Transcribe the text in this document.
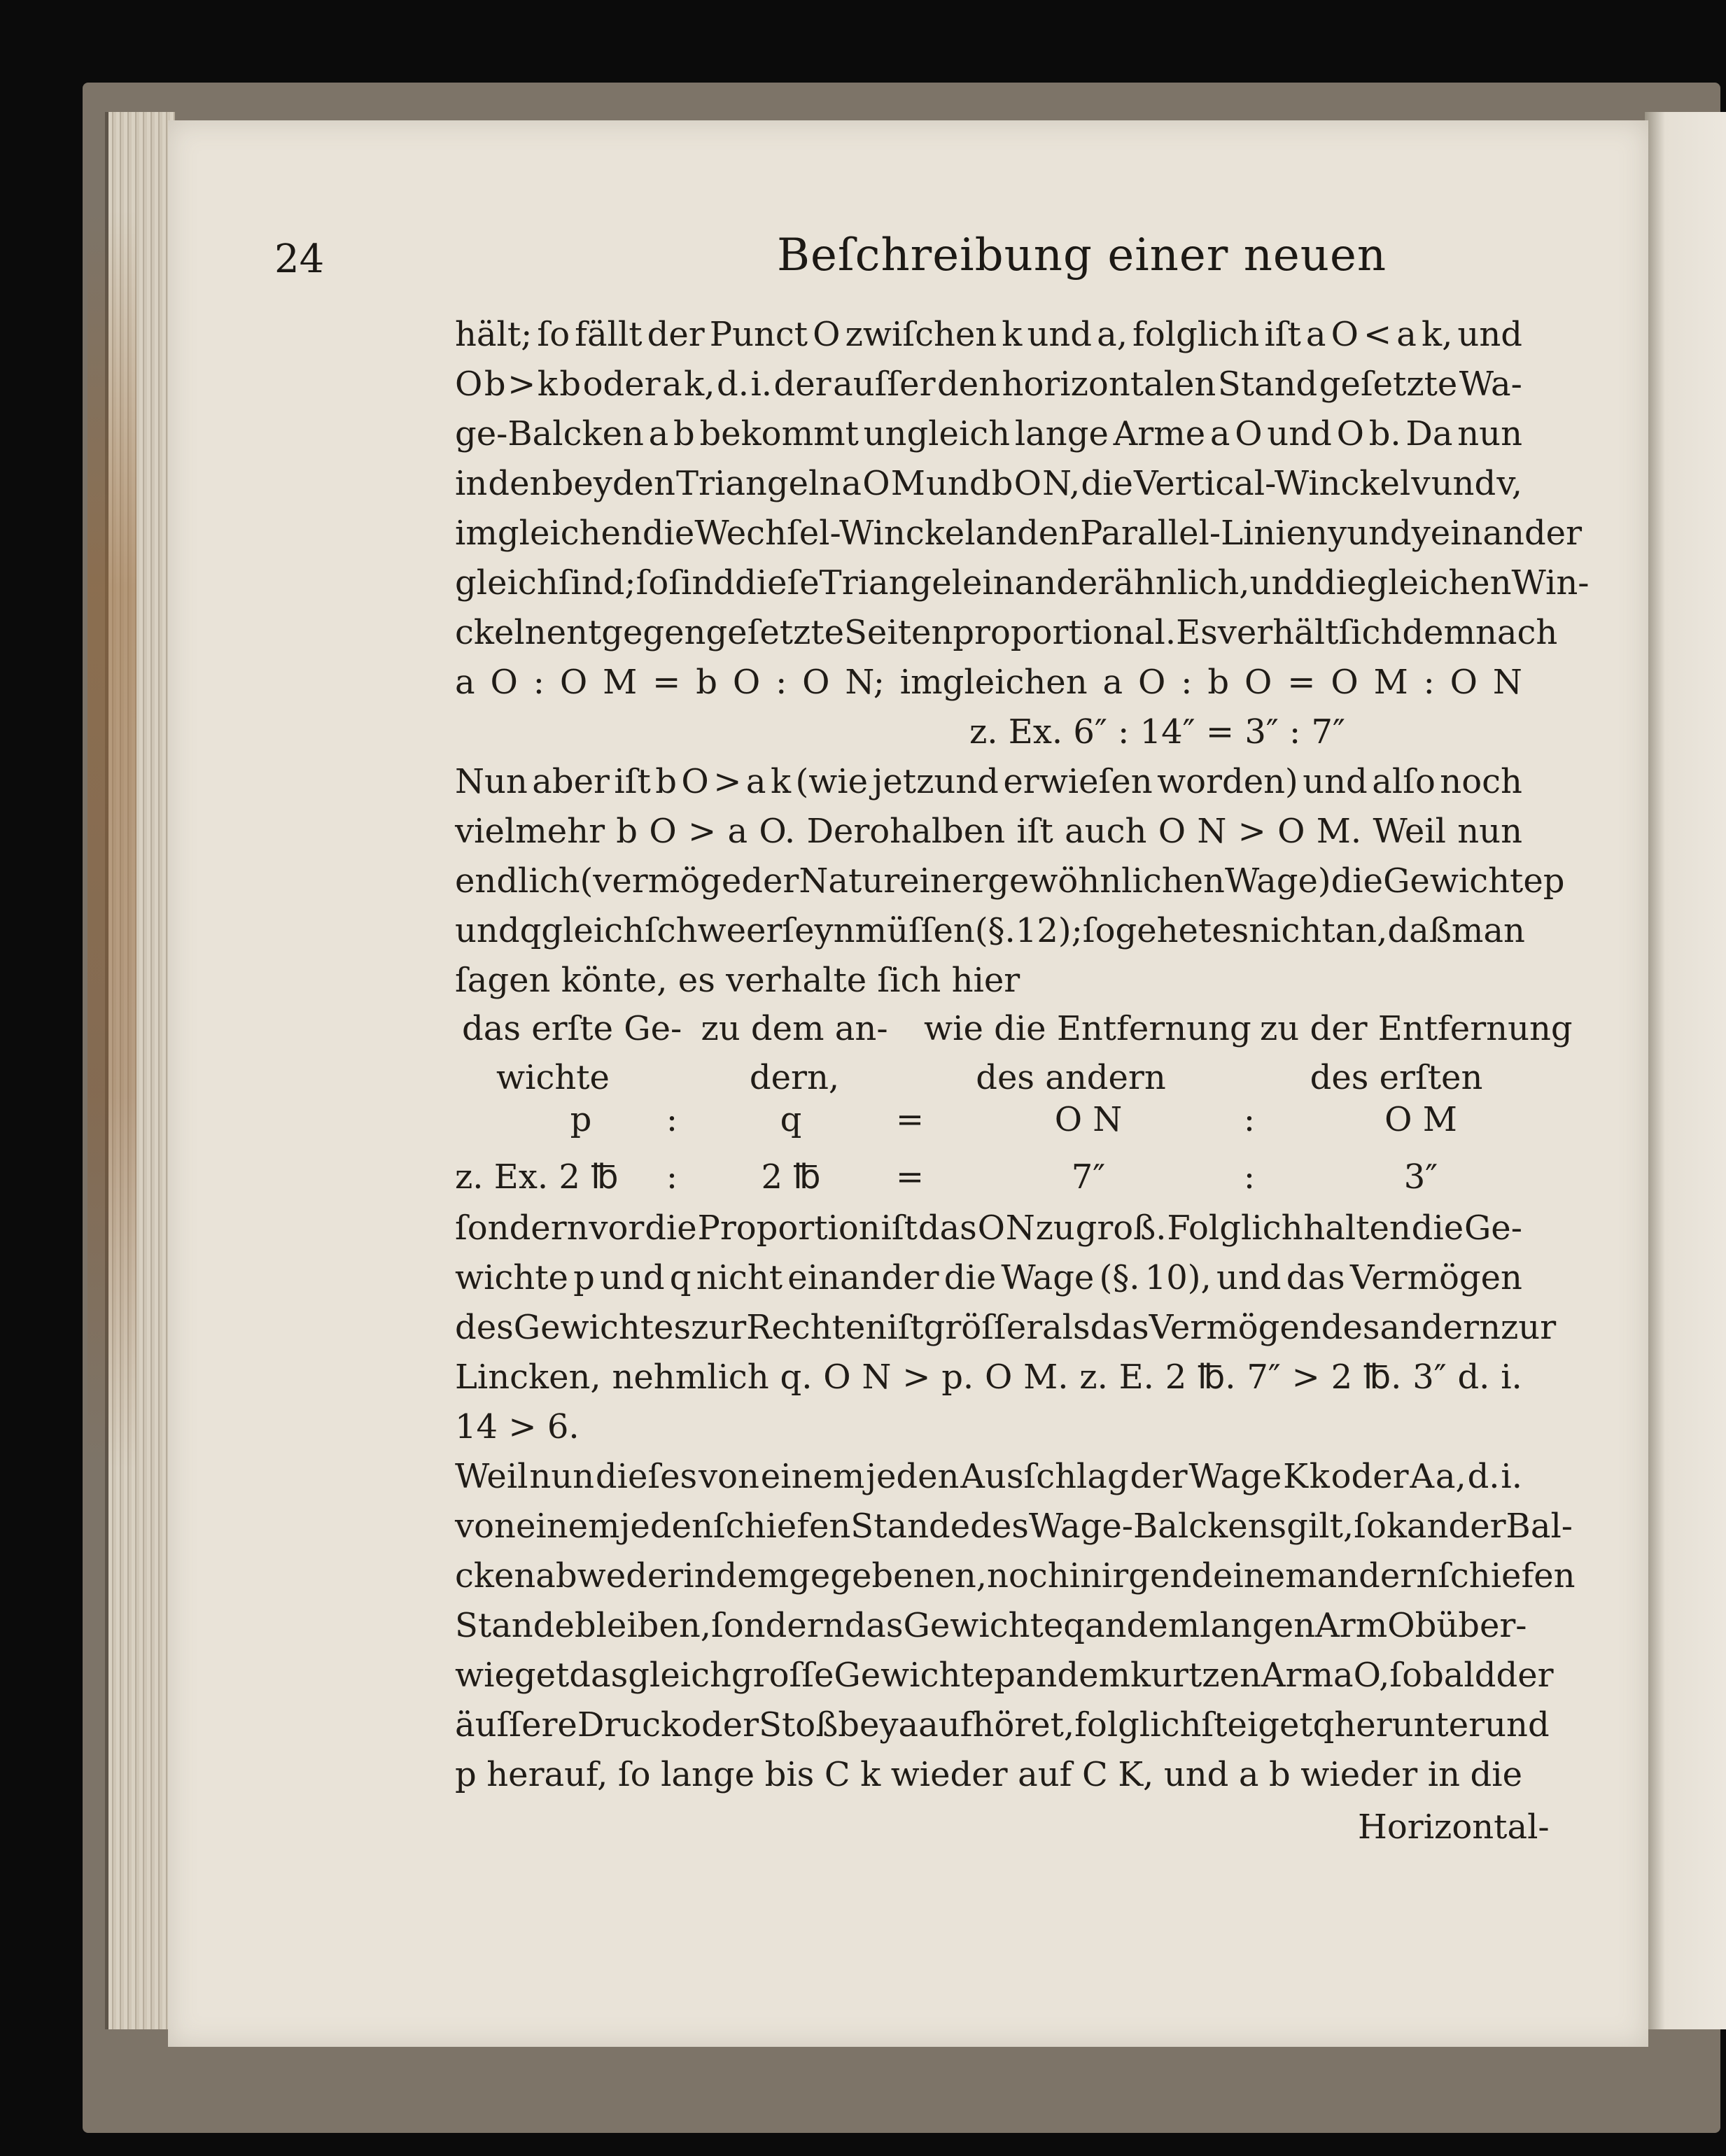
24	Beſchreibung einer neuen
hält; ſo fällt der Punct O zwiſchen k und a, folglich iſt a O < a k, und
O b > k b oder a k, d. i. der auſſer den horizontalen Stand geſetzte Wa-
ge-Balcken a b bekommt ungleich lange Arme a O und O b. Da nun
in den beyden Triangeln a O M und b O N, die Vertical-Winckel v und v,
imgleichen die Wechſel-Winckel an den Parallel-Linien y und y einander
gleich ſind; ſo ſind dieſe Triangel einander ähnlich, und die gleichen Win-
ckeln entgegen geſetzte Seiten proportional. Es verhält ſich demnach
a O : O M = b O : O N; imgleichen a O : b O = O M : O N
z. Ex. 6″ : 14″ = 3″ : 7″
Nun aber iſt b O > a k (wie jetzund erwieſen worden) und alſo noch
vielmehr b O > a O. Derohalben iſt auch O N > O M. Weil nun
endlich (vermöge der Natur einer gewöhnlichen Wage) die Gewichte p
und q gleich ſchweer ſeyn müſſen (§. 12); ſo gehet es nicht an, daß man
ſagen könte, es verhalte ſich hier
das erſte Ge-
wichte
zu dem an-
dern,
wie die Entfernung
des andern
zu der Entfernung
des erſten
p	:	q	=	O N	:	O M
z. Ex. 2 ℔	:	2 ℔	=	7″	:	3″
ſondern vor die Proportion iſt das O N zu groß. Folglich halten die Ge-
wichte p und q nicht einander die Wage (§. 10), und das Vermögen
des Gewichtes zur Rechten iſt gröſſer als das Vermögen des andern zur
Lincken, nehmlich q. O N > p. O M. z. E. 2 ℔. 7″ > 2 ℔. 3″ d. i.
14 > 6.
Weil nun dieſes von einem jeden Ausſchlag der Wage K k oder A a, d. i.
von einem jeden ſchiefen Stande des Wage-Balckens gilt, ſo kan der Bal-
cken a b weder in dem gegebenen, noch in irgend einem andern ſchiefen
Stande bleiben, ſondern das Gewichte q an dem langen Arm O b über-
wieget das gleich groſſe Gewichte p an dem kurtzen Arm a O, ſo bald der
äuſſere Druck oder Stoß bey a aufhöret, folglich ſteiget q herunter und
p herauf, ſo lange bis C k wieder auf C K, und a b wieder in die
Horizontal-
